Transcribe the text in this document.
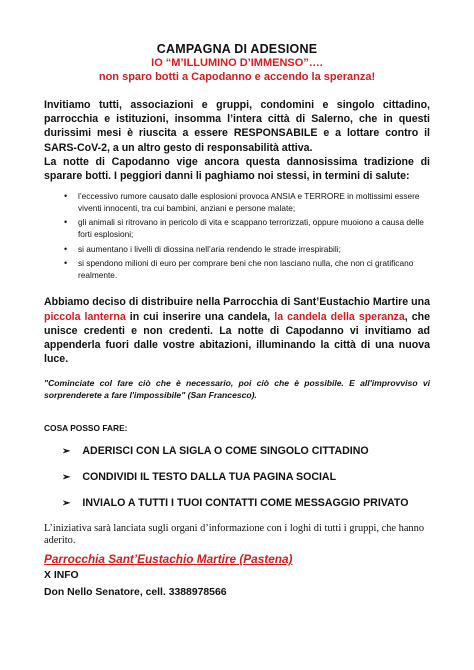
CAMPAGNA DI ADESIONE
IO “M’ILLUMINO D’IMMENSO”….
non sparo botti a Capodanno e accendo la speranza!

Invitiamo tutti, associazioni e gruppi, condomini e singolo cittadino, parrocchia e istituzioni, insomma l’intera città di Salerno, che in questi durissimi mesi è riuscita a essere RESPONSABILE e a lottare contro il SARS-CoV-2, a un altro gesto di responsabilità attiva.

La notte di Capodanno vige ancora questa dannosissima tradizione di sparare botti. I peggiori danni li paghiamo noi stessi, in termini di salute:

• l’eccessivo rumore causato dalle esplosioni provoca ANSIA e TERRORE in moltissimi essere viventi innocenti, tra cui bambini, anziani e persone malate;
• gli animali si ritrovano in pericolo di vita e scappano terrorizzati, oppure muoiono a causa delle forti esplosioni;
• si aumentano i livelli di diossina nell’aria rendendo le strade irrespirabili;
• si spendono milioni di euro per comprare beni che non lasciano nulla, che non ci gratificano realmente.

Abbiamo deciso di distribuire nella Parrocchia di Sant’Eustachio Martire una piccola lanterna in cui inserire una candela, la candela della speranza, che unisce credenti e non credenti. La notte di Capodanno vi invitiamo ad appenderla fuori dalle vostre abitazioni, illuminando la città di una nuova luce.

"Cominciate col fare ciò che è necessario, poi ciò che è possibile. E all'improvviso vi sorprenderete a fare l'impossibile" (San Francesco).
COSA POSSO FARE:
➢ ADERISCI CON LA SIGLA O COME SINGOLO CITTADINO
➢ CONDIVIDI IL TESTO DALLA TUA PAGINA SOCIAL
➢ INVIALO A TUTTI I TUOI CONTATTI COME MESSAGGIO PRIVATO
L’iniziativa sarà lanciata sugli organi d’informazione con i loghi di tutti i gruppi, che hanno aderito.
Parrocchia Sant’Eustachio Martire (Pastena)
X INFO
Don Nello Senatore, cell. 3388978566
